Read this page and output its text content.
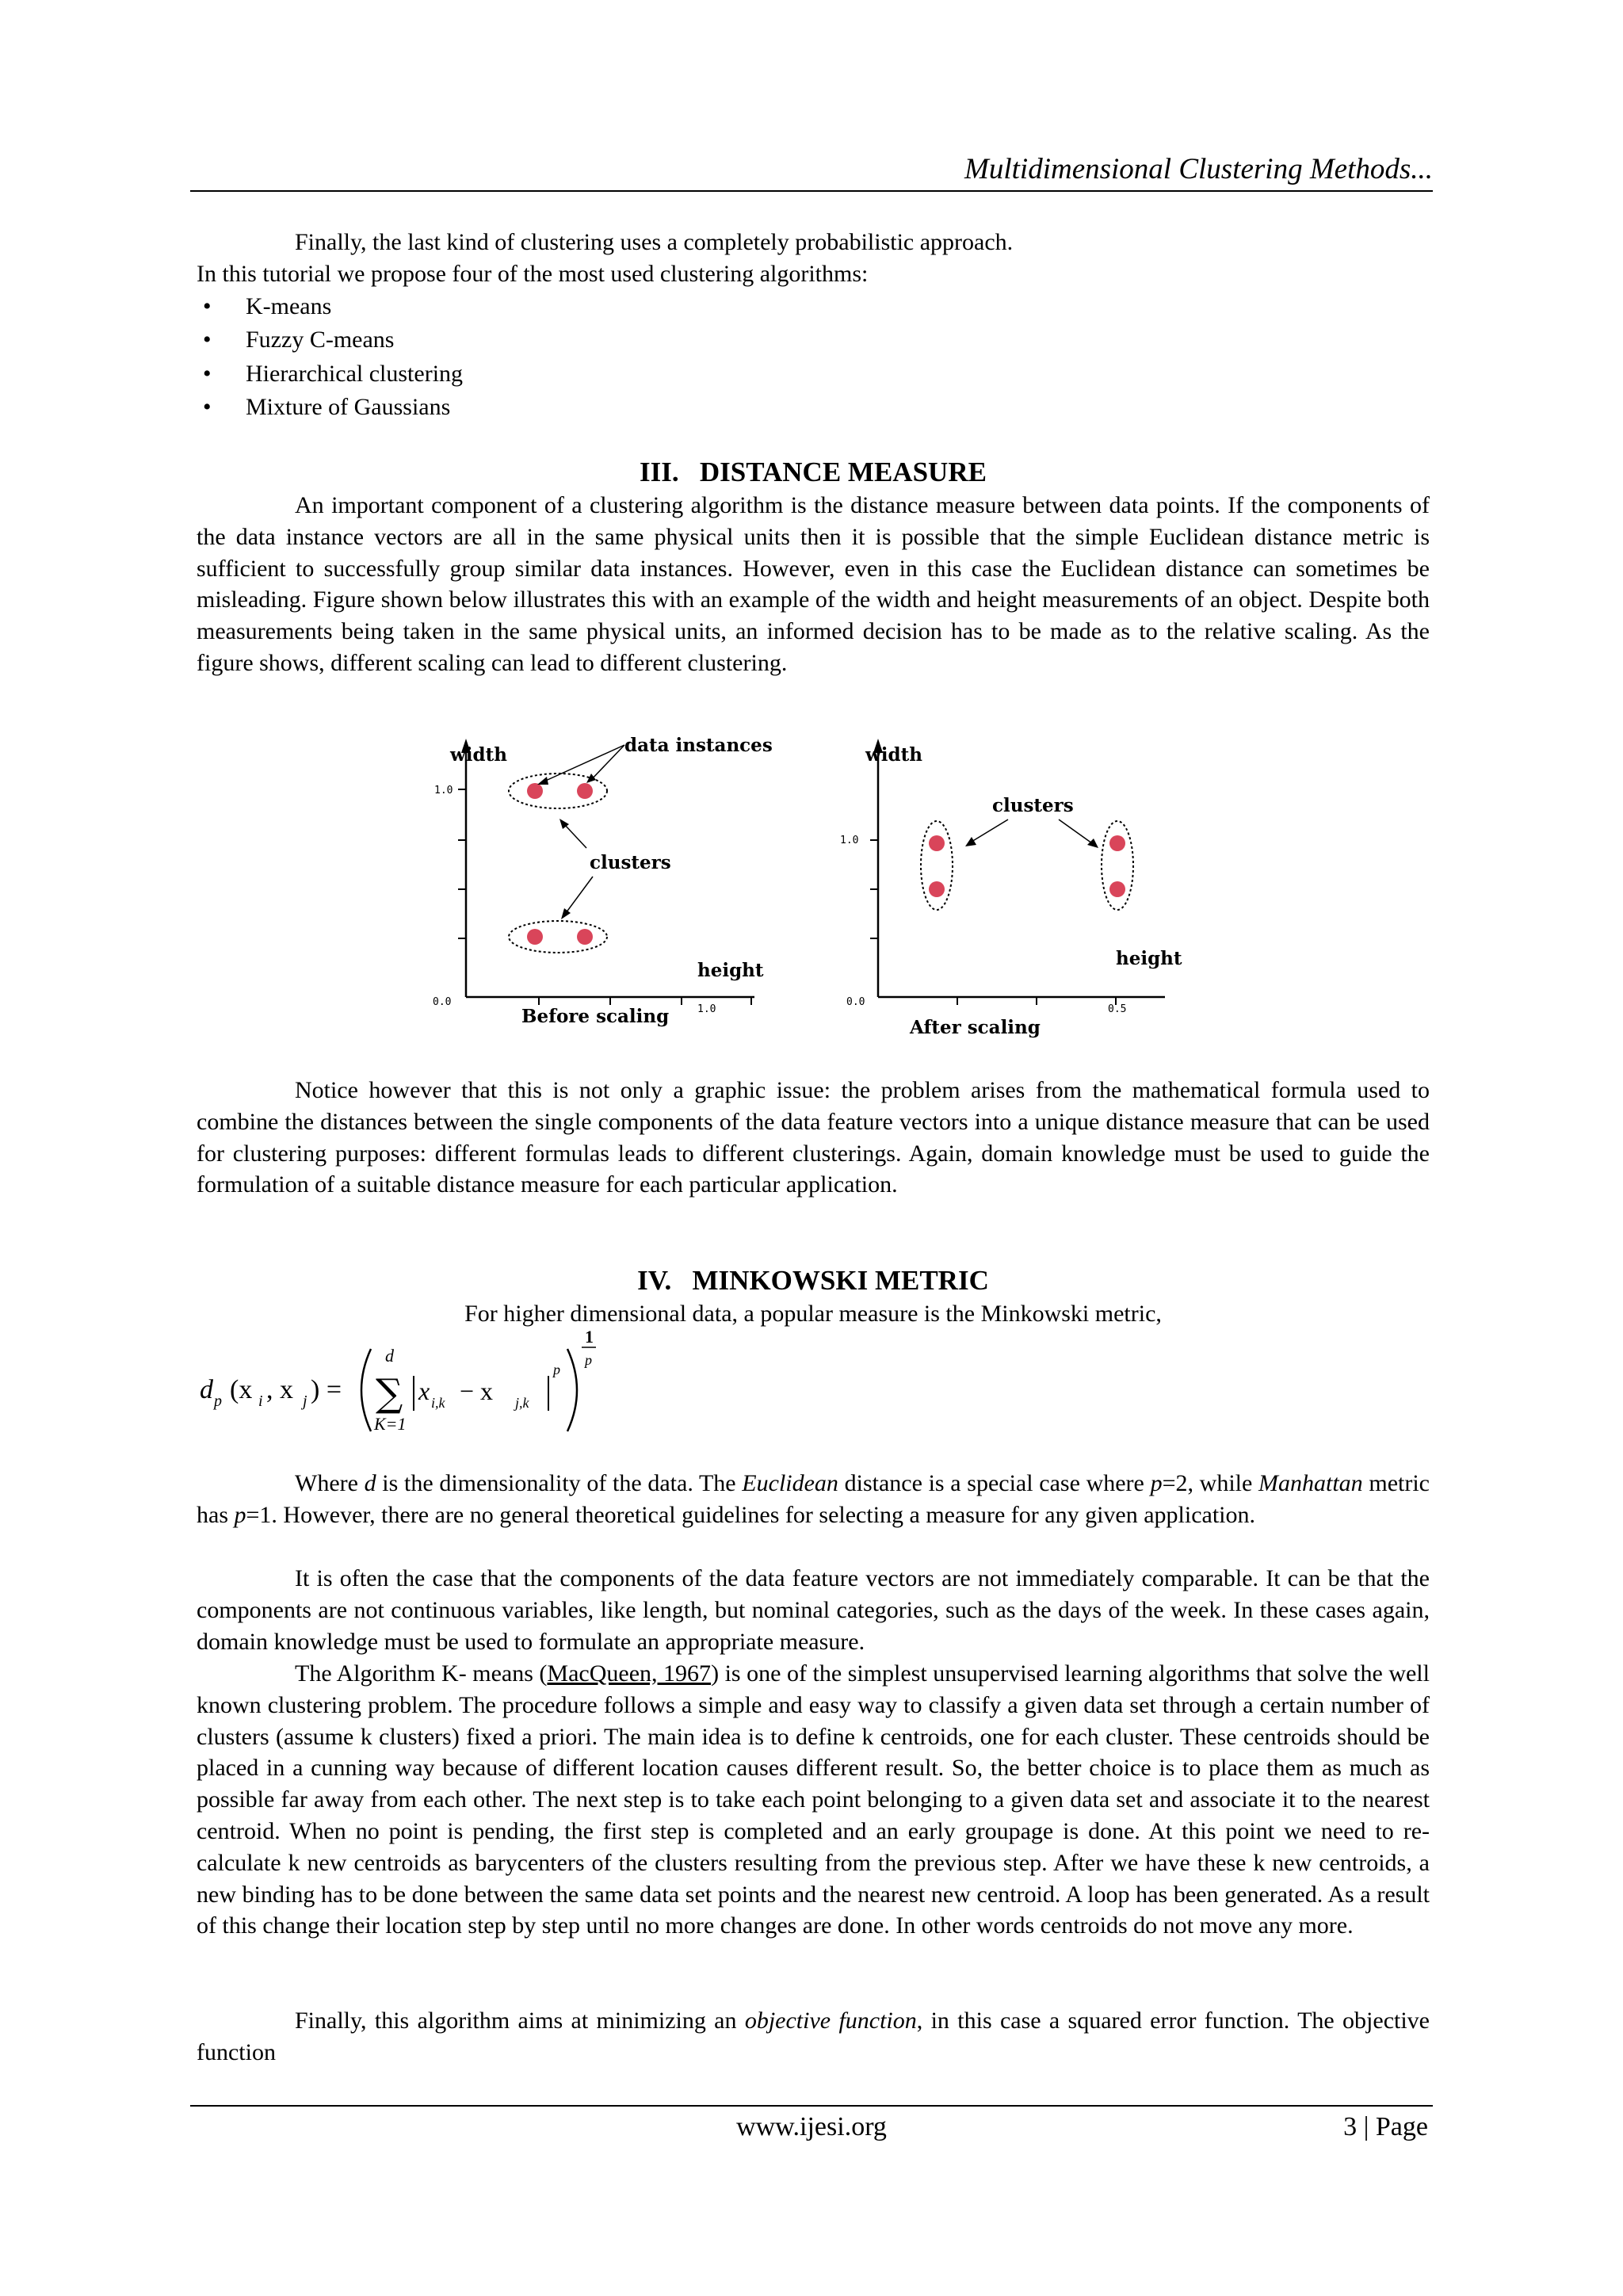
Multidimensional Clustering Methods...
Finally, the last kind of clustering uses a completely probabilistic approach.
In this tutorial we propose four of the most used clustering algorithms:
• K-means
• Fuzzy C-means
• Hierarchical clustering
• Mixture of Gaussians
III.   DISTANCE MEASURE
An important component of a clustering algorithm is the distance measure between data points. If the components of the data instance vectors are all in the same physical units then it is possible that the simple Euclidean distance metric is sufficient to successfully group similar data instances. However, even in this case the Euclidean distance can sometimes be misleading. Figure shown below illustrates this with an example of the width and height measurements of an object. Despite both measurements being taken in the same physical units, an informed decision has to be made as to the relative scaling. As the figure shows, different scaling can lead to different clustering.
width
1.0
0.0
1.0
height
Before scaling
data instances
clusters
width
1.0
0.0
0.5
height
After scaling
clusters
Notice however that this is not only a graphic issue: the problem arises from the mathematical formula used to combine the distances between the single components of the data feature vectors into a unique distance measure that can be used for clustering purposes: different formulas leads to different clusterings. Again, domain knowledge must be used to guide the formulation of a suitable distance measure for each particular application.
IV.   MINKOWSKI METRIC
For higher dimensional data, a popular measure is the Minkowski metric,
d p (x i , x j ) =
d
K=1
∑ x i,k − x j,k
p
1
p
Where d is the dimensionality of the data. The Euclidean distance is a special case where p=2, while Manhattan metric has p=1. However, there are no general theoretical guidelines for selecting a measure for any given application.
It is often the case that the components of the data feature vectors are not immediately comparable. It can be that the components are not continuous variables, like length, but nominal categories, such as the days of the week. In these cases again, domain knowledge must be used to formulate an appropriate measure.
The Algorithm K- means (MacQueen, 1967) is one of the simplest unsupervised learning algorithms that solve the well known clustering problem. The procedure follows a simple and easy way to classify a given data set through a certain number of clusters (assume k clusters) fixed a priori. The main idea is to define k centroids, one for each cluster. These centroids should be placed in a cunning way because of different location causes different result. So, the better choice is to place them as much as possible far away from each other. The next step is to take each point belonging to a given data set and associate it to the nearest centroid. When no point is pending, the first step is completed and an early groupage is done. At this point we need to re-calculate k new centroids as barycenters of the clusters resulting from the previous step. After we have these k new centroids, a new binding has to be done between the same data set points and the nearest new centroid. A loop has been generated. As a result of this change their location step by step until no more changes are done. In other words centroids do not move any more.
Finally, this algorithm aims at minimizing an objective function, in this case a squared error function. The objective function
www.ijesi.org	3 | Page
